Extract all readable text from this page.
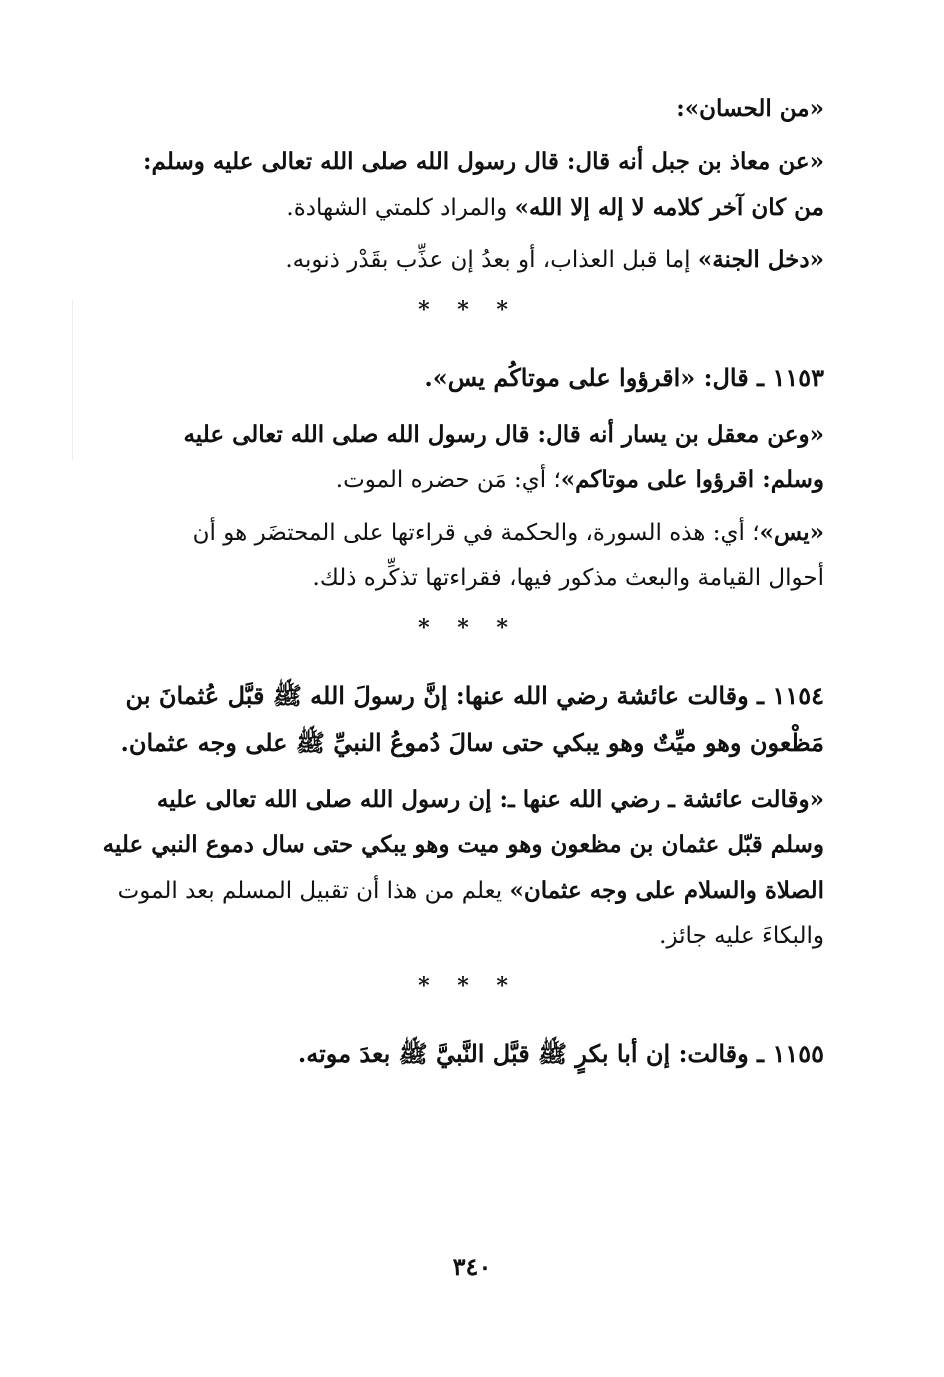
«من الحسان»:
«عن معاذ بن جبل أنه قال: قال رسول الله صلى الله تعالى عليه وسلم:
من كان آخر كلامه لا إله إلا الله» والمراد كلمتي الشهادة.
«دخل الجنة» إما قبل العذاب، أو بعدُ إن عذِّب بقَدْر ذنوبه.
* * *
١١٥٣ ـ قال: «اقرؤوا على موتاكُم يس».
«وعن معقل بن يسار أنه قال: قال رسول الله صلى الله تعالى عليه
وسلم: اقرؤوا على موتاكم»؛ أي: مَن حضره الموت.
«يس»؛ أي: هذه السورة، والحكمة في قراءتها على المحتضَر هو أن
أحوال القيامة والبعث مذكور فيها، فقراءتها تذكِّره ذلك.
* * *
١١٥٤ ـ وقالت عائشة رضي الله عنها: إنَّ رسولَ الله ﷺ قبَّل عُثمانَ بن
مَظْعون وهو ميِّتٌ وهو يبكي حتى سالَ دُموعُ النبيِّ ﷺ على وجه عثمان.
«وقالت عائشة ـ رضي الله عنها ـ: إن رسول الله صلى الله تعالى عليه
وسلم قبّل عثمان بن مظعون وهو ميت وهو يبكي حتى سال دموع النبي عليه
الصلاة والسلام على وجه عثمان» يعلم من هذا أن تقبيل المسلم بعد الموت
والبكاءَ عليه جائز.
* * *
١١٥٥ ـ وقالت: إن أبا بكرٍ ﷺ قبَّل النَّبيَّ ﷺ بعدَ موته.
٣٤٠
